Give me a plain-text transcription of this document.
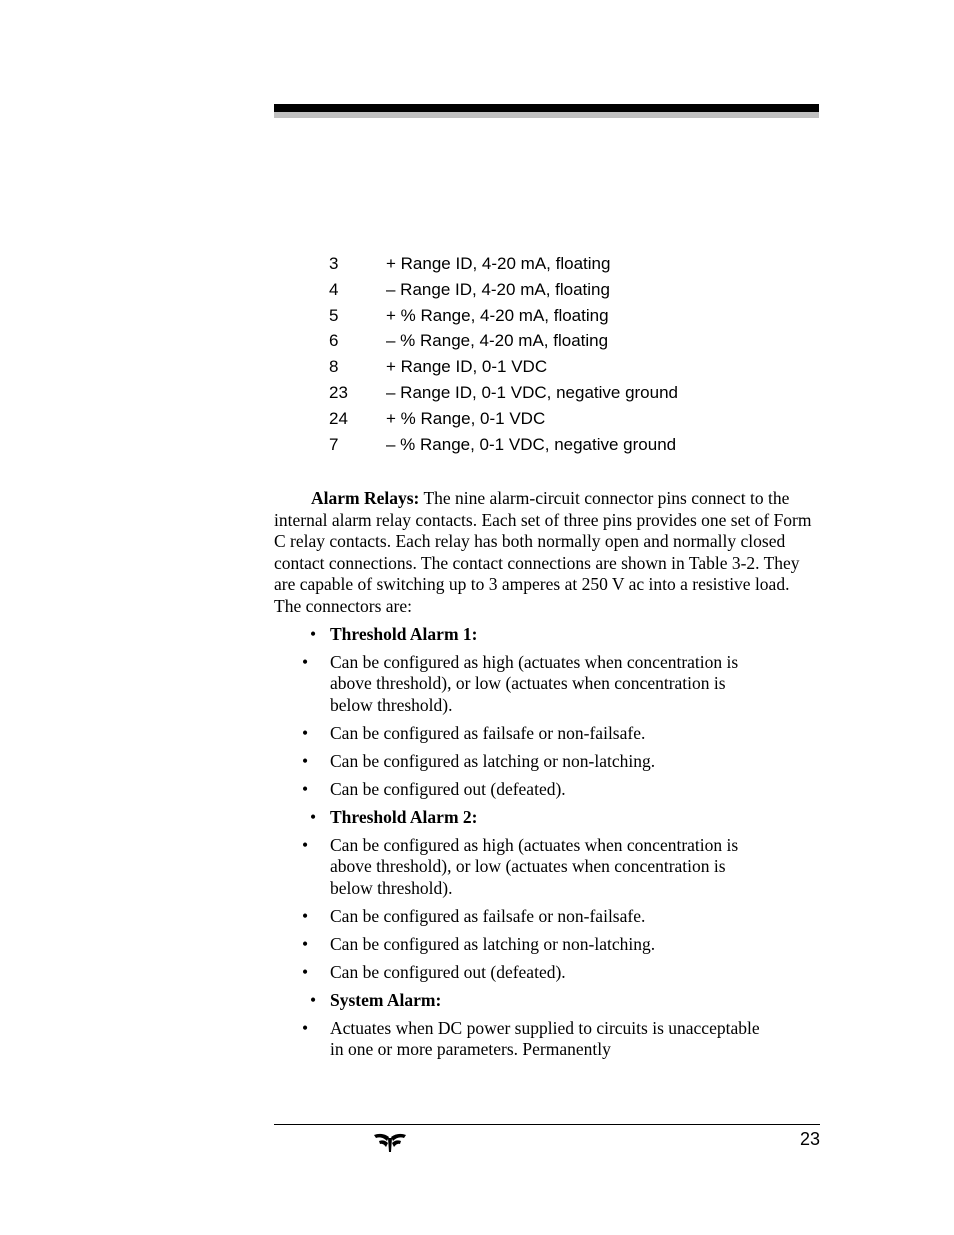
3	+ Range ID, 4-20 mA, floating
4	– Range ID, 4-20 mA, floating
5	+ % Range, 4-20 mA, floating
6	– % Range, 4-20 mA, floating
8	+ Range ID, 0-1 VDC
23 – Range ID, 0-1 VDC, negative ground
24 + % Range, 0-1 VDC
7	– % Range, 0-1 VDC, negative ground

Alarm Relays: The nine alarm-circuit connector pins connect to the internal alarm relay contacts. Each set of three pins provides one set of Form C relay contacts. Each relay has both normally open and normally closed contact connections. The contact connections are shown in Table 3-2. They are capable of switching up to 3 amperes at 250 V ac into a resistive load. The connectors are:

• Threshold Alarm 1:
• Can be configured as high (actuates when concentration is above threshold), or low (actuates when concentration is below threshold).
• Can be configured as failsafe or non-failsafe.
• Can be configured as latching or non-latching.
• Can be configured out (defeated).
• Threshold Alarm 2:
• Can be configured as high (actuates when concentration is above threshold), or low (actuates when concentration is below threshold).
• Can be configured as failsafe or non-failsafe.
• Can be configured as latching or non-latching.
• Can be configured out (defeated).
• System Alarm:
• Actuates when DC power supplied to circuits is unacceptable in one or more parameters. Permanently
23
